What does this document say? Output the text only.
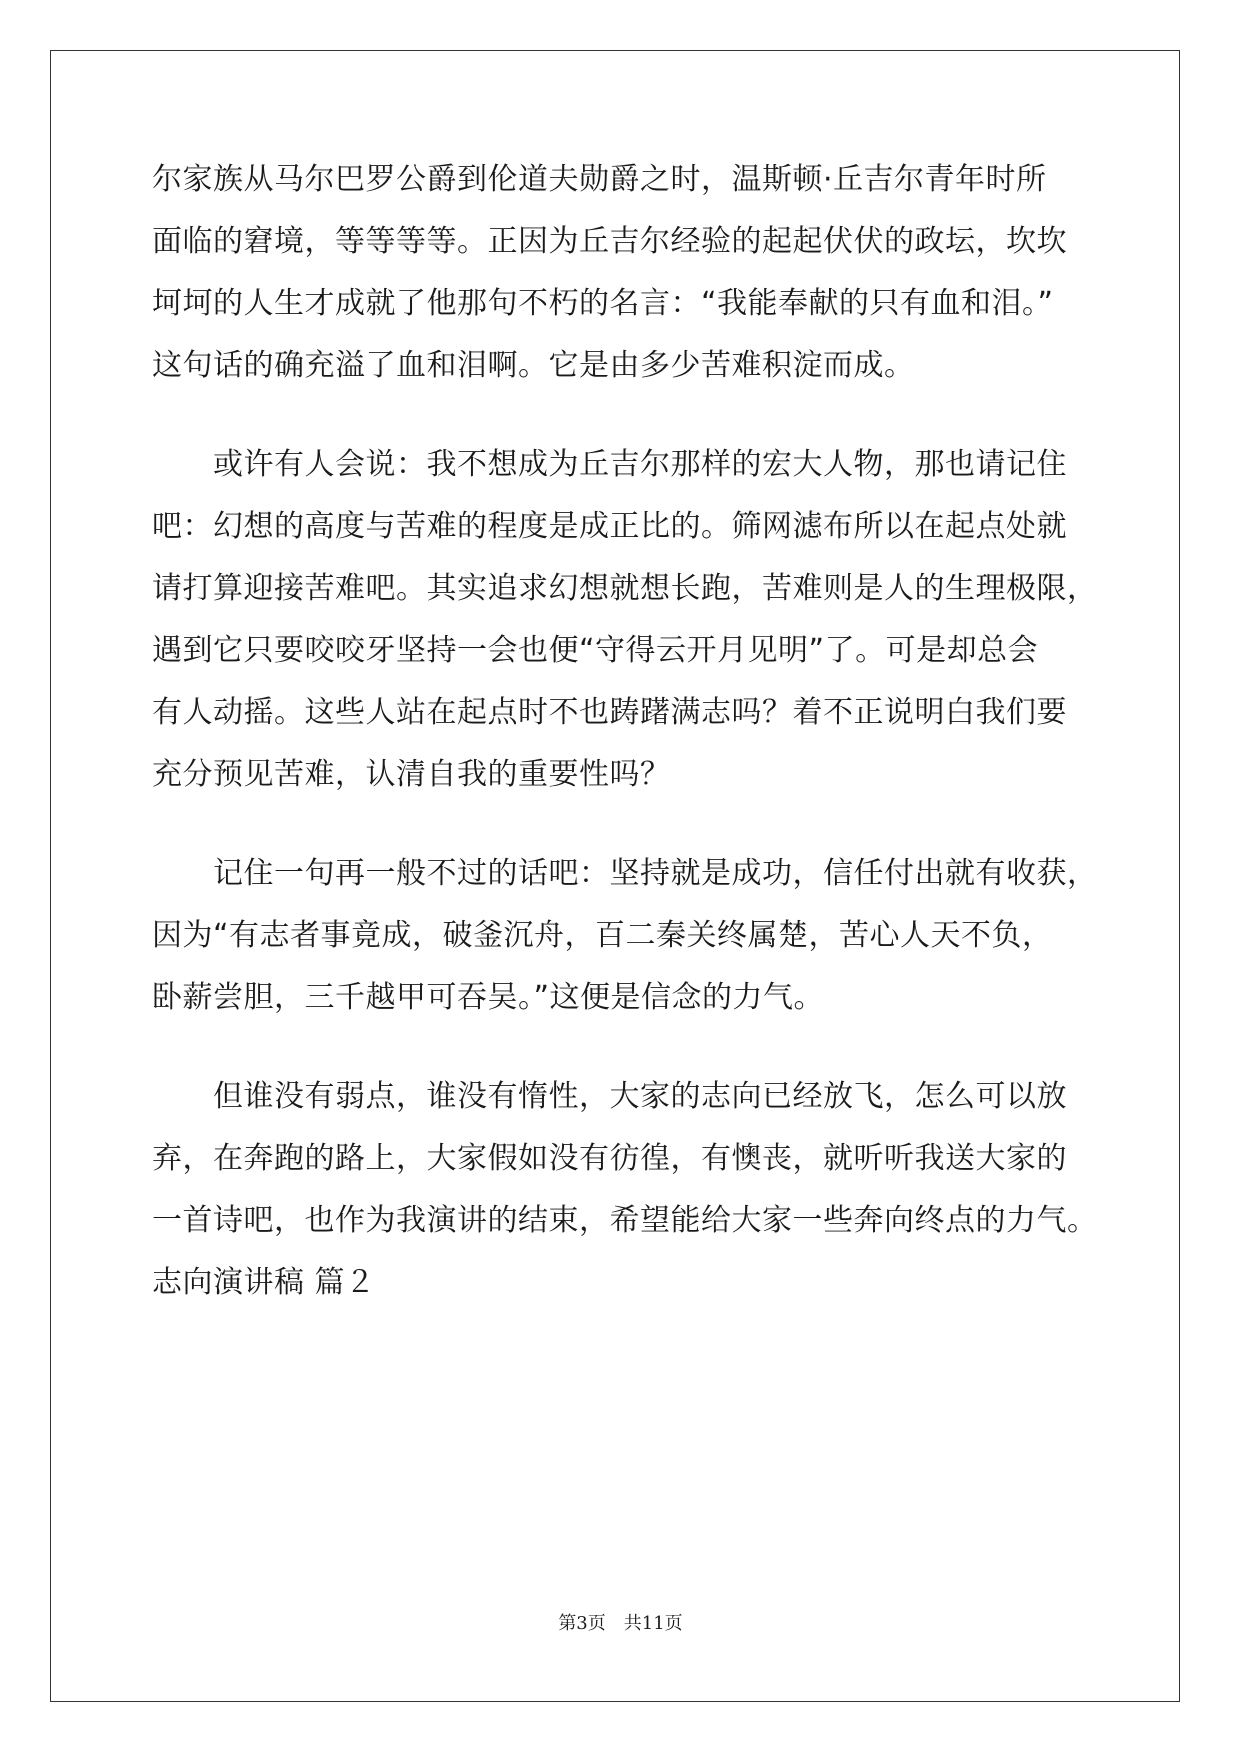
尔家族从马尔巴罗公爵到伦道夫勋爵之时，温斯顿·丘吉尔青年时所
面临的窘境，等等等等。正因为丘吉尔经验的起起伏伏的政坛，坎坎
坷坷的人生才成就了他那句不朽的名言：“我能奉献的只有血和泪。”
这句话的确充溢了血和泪啊。它是由多少苦难积淀而成。
　　或许有人会说：我不想成为丘吉尔那样的宏大人物，那也请记住
吧：幻想的高度与苦难的程度是成正比的。筛网滤布所以在起点处就
请打算迎接苦难吧。其实追求幻想就想长跑，苦难则是人的生理极限，
遇到它只要咬咬牙坚持一会也便“守得云开月见明”了。可是却总会
有人动摇。这些人站在起点时不也踌躇满志吗？着不正说明白我们要
充分预见苦难，认清自我的重要性吗？
　　记住一句再一般不过的话吧：坚持就是成功，信任付出就有收获，
因为“有志者事竟成，破釜沉舟，百二秦关终属楚，苦心人天不负，
卧薪尝胆，三千越甲可吞吴。”这便是信念的力气。
　　但谁没有弱点，谁没有惰性，大家的志向已经放飞，怎么可以放
弃，在奔跑的路上，大家假如没有彷徨，有懊丧，就听听我送大家的
一首诗吧，也作为我演讲的结束，希望能给大家一些奔向终点的力气。
志向演讲稿 篇２
第3页　共11页
